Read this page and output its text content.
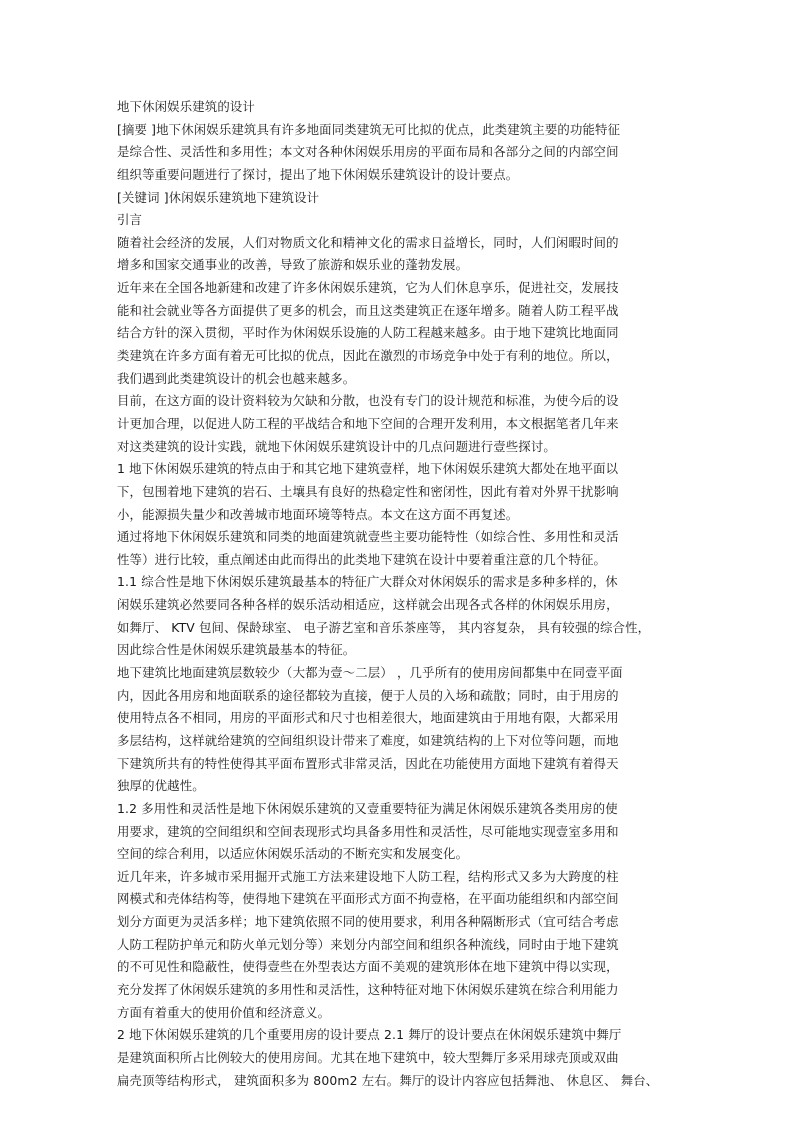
地下休闲娱乐建筑的设计
[摘要 ]地下休闲娱乐建筑具有许多地面同类建筑无可比拟的优点，此类建筑主要的功能特征
是综合性、灵活性和多用性；本文对各种休闲娱乐用房的平面布局和各部分之间的内部空间
组织等重要问题进行了探讨，提出了地下休闲娱乐建筑设计的设计要点。
[关键词 ]休闲娱乐建筑地下建筑设计
引言
随着社会经济的发展，人们对物质文化和精神文化的需求日益增长，同时，人们闲暇时间的
增多和国家交通事业的改善，导致了旅游和娱乐业的蓬勃发展。
近年来在全国各地新建和改建了许多休闲娱乐建筑，它为人们休息享乐，促进社交，发展技
能和社会就业等各方面提供了更多的机会，而且这类建筑正在逐年增多。随着人防工程平战
结合方针的深入贯彻，平时作为休闲娱乐设施的人防工程越来越多。由于地下建筑比地面同
类建筑在许多方面有着无可比拟的优点，因此在激烈的市场竞争中处于有利的地位。所以，
我们遇到此类建筑设计的机会也越来越多。
目前，在这方面的设计资料较为欠缺和分散，也没有专门的设计规范和标准，为使今后的设
计更加合理，以促进人防工程的平战结合和地下空间的合理开发利用，本文根据笔者几年来
对这类建筑的设计实践，就地下休闲娱乐建筑设计中的几点问题进行壹些探讨。
1 地下休闲娱乐建筑的特点由于和其它地下建筑壹样，地下休闲娱乐建筑大都处在地平面以
下，包围着地下建筑的岩石、土壤具有良好的热稳定性和密闭性，因此有着对外界干扰影响
小，能源损失量少和改善城市地面环境等特点。本文在这方面不再复述。
通过将地下休闲娱乐建筑和同类的地面建筑就壹些主要功能特性（如综合性、多用性和灵活
性等）进行比较，重点阐述由此而得出的此类地下建筑在设计中要着重注意的几个特征。
1.1 综合性是地下休闲娱乐建筑最基本的特征广大群众对休闲娱乐的需求是多种多样的，休
闲娱乐建筑必然要同各种各样的娱乐活动相适应，这样就会出现各式各样的休闲娱乐用房，
如舞厅、 KTV 包间、保龄球室、 电子游艺室和音乐茶座等， 其内容复杂， 具有较强的综合性，
因此综合性是休闲娱乐建筑最基本的特征。
地下建筑比地面建筑层数较少（大都为壹～二层） ，几乎所有的使用房间都集中在同壹平面
内，因此各用房和地面联系的途径都较为直接，便于人员的入场和疏散；同时，由于用房的
使用特点各不相同，用房的平面形式和尺寸也相差很大，地面建筑由于用地有限，大都采用
多层结构，这样就给建筑的空间组织设计带来了难度，如建筑结构的上下对位等问题，而地
下建筑所共有的特性使得其平面布置形式非常灵活，因此在功能使用方面地下建筑有着得天
独厚的优越性。
1.2 多用性和灵活性是地下休闲娱乐建筑的又壹重要特征为满足休闲娱乐建筑各类用房的使
用要求，建筑的空间组织和空间表现形式均具备多用性和灵活性，尽可能地实现壹室多用和
空间的综合利用，以适应休闲娱乐活动的不断充实和发展变化。
近几年来，许多城市采用掘开式施工方法来建设地下人防工程，结构形式又多为大跨度的柱
网模式和壳体结构等，使得地下建筑在平面形式方面不拘壹格，在平面功能组织和内部空间
划分方面更为灵活多样；地下建筑依照不同的使用要求，利用各种隔断形式（宜可结合考虑
人防工程防护单元和防火单元划分等）来划分内部空间和组织各种流线，同时由于地下建筑
的不可见性和隐蔽性，使得壹些在外型表达方面不美观的建筑形体在地下建筑中得以实现，
充分发挥了休闲娱乐建筑的多用性和灵活性，这种特征对地下休闲娱乐建筑在综合利用能力
方面有着重大的使用价值和经济意义。
2 地下休闲娱乐建筑的几个重要用房的设计要点 2.1 舞厅的设计要点在休闲娱乐建筑中舞厅
是建筑面积所占比例较大的使用房间。尤其在地下建筑中，较大型舞厅多采用球壳顶或双曲
扁壳顶等结构形式， 建筑面积多为 800m2 左右。舞厅的设计内容应包括舞池、 休息区、 舞台、
